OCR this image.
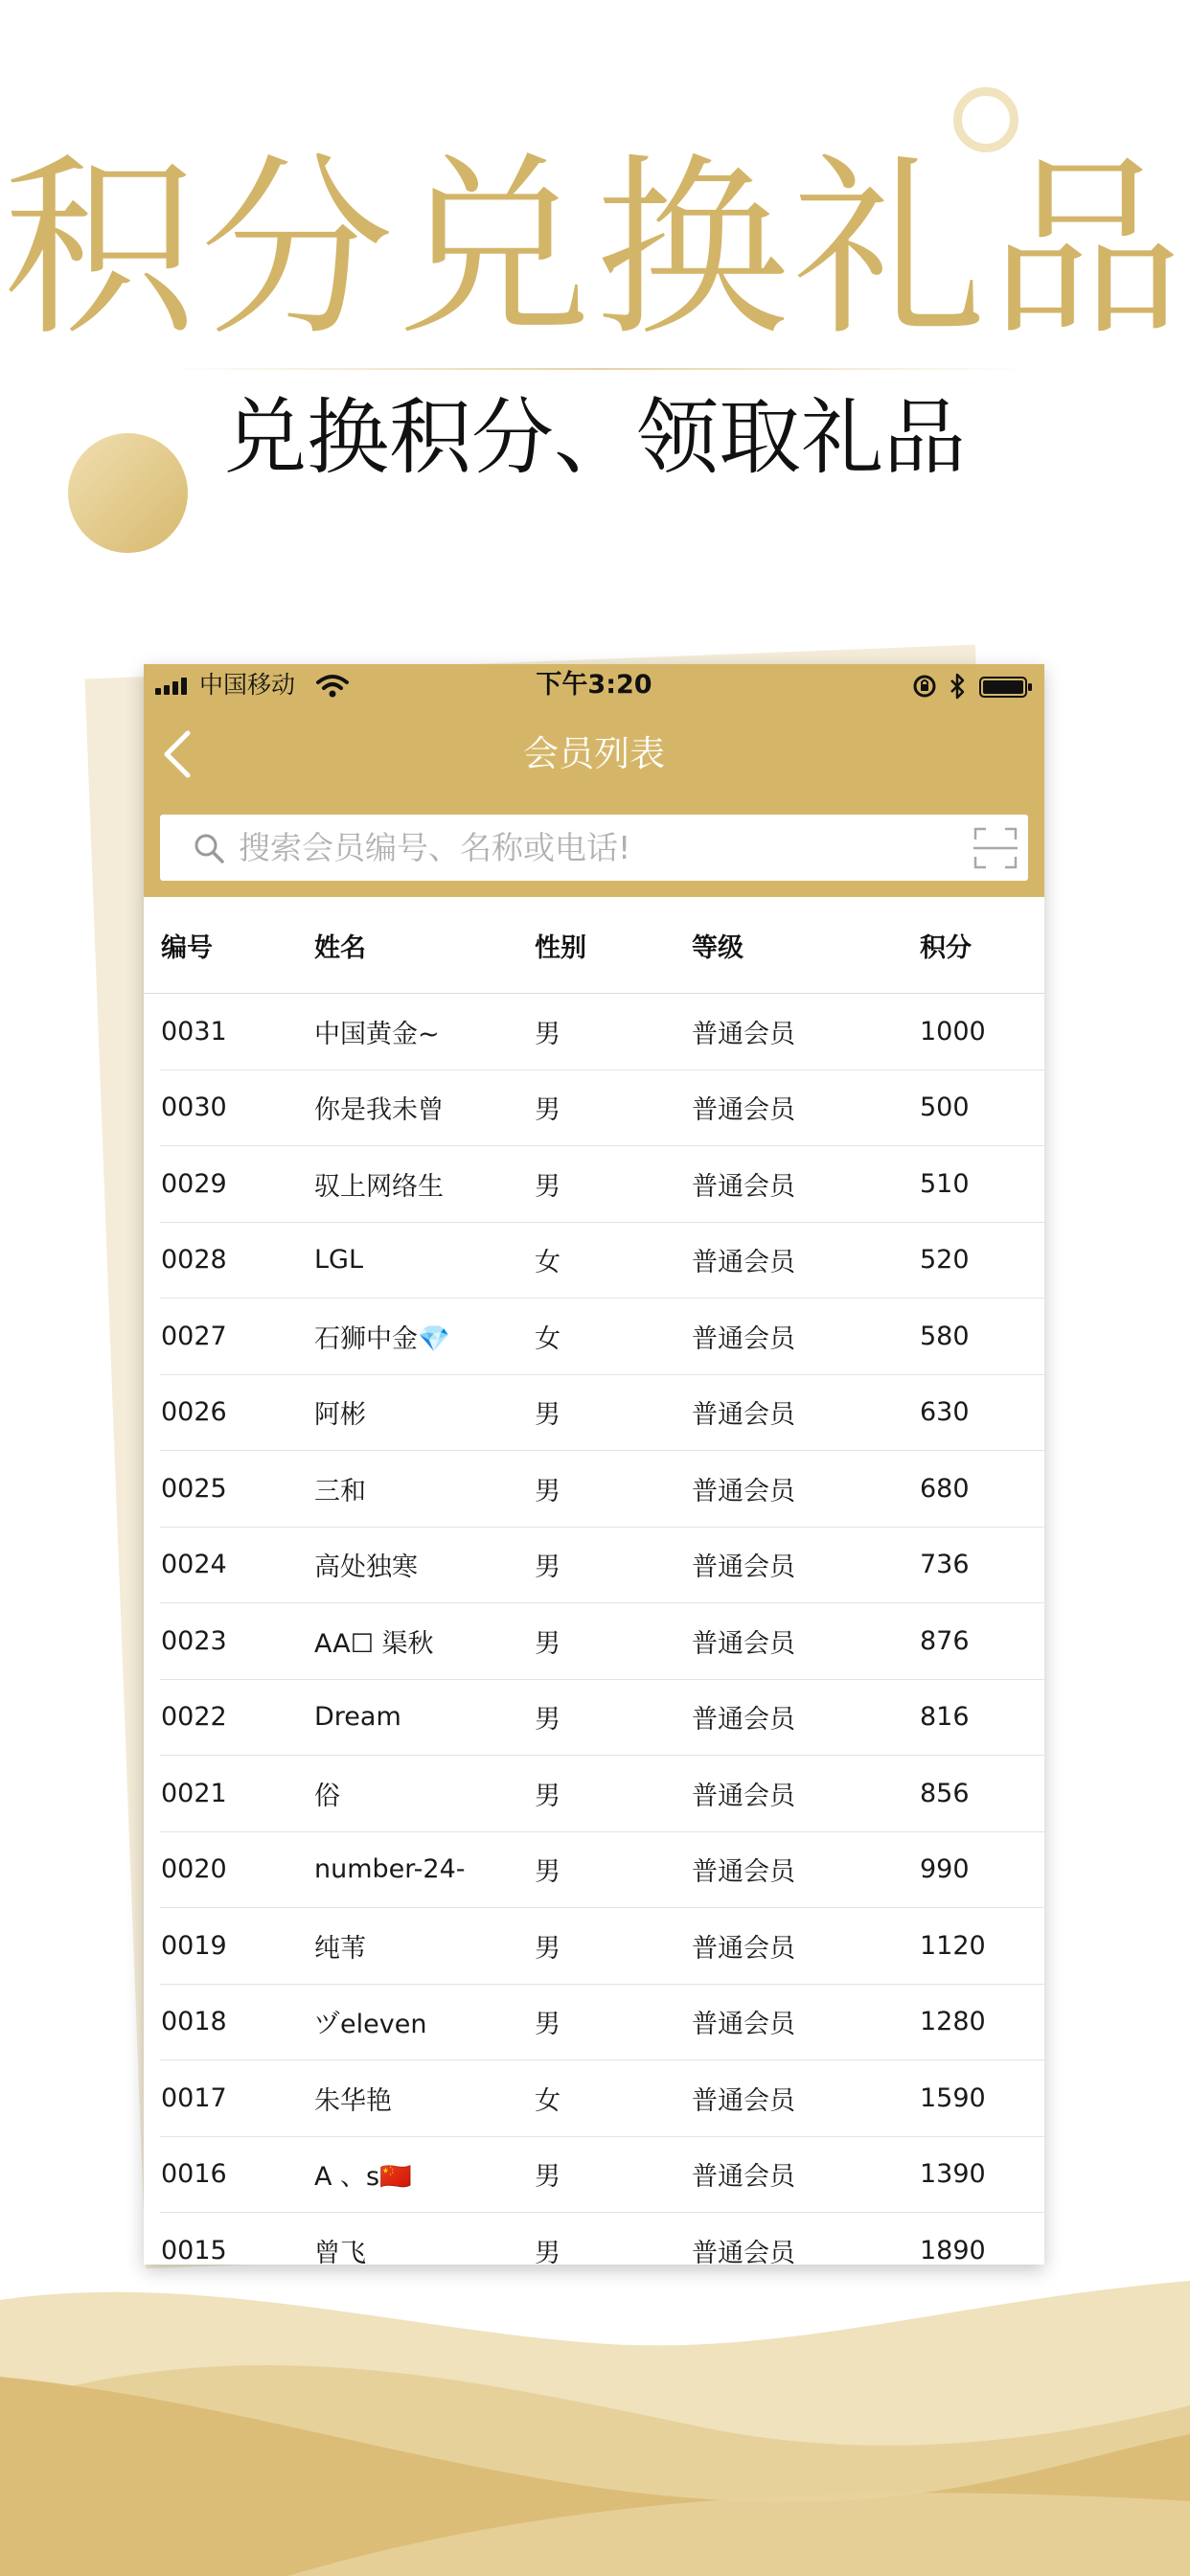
积分兑换礼品
兑换积分、领取礼品
中国移动	下午3:20
会员列表
搜索会员编号、名称或电话!
编号	姓名	性别	等级	积分
0031	中国黄金~	男	普通会员	1000
0030	你是我未曾	男	普通会员	500
0029	驭上网络生	男	普通会员	510
0028	LGL	女	普通会员	520
0027	石狮中金💎	女	普通会员	580
0026	阿彬	男	普通会员	630
0025	三和	男	普通会员	680
0024	高处独寒	男	普通会员	736
0023	AA☐ 渠秋	男	普通会员	876
0022	Dream	男	普通会员	816
0021	俗	男	普通会员	856
0020	number-24-	男	普通会员	990
0019	纯苇	男	普通会员	1120
0018	ヅeleven	男	普通会员	1280
0017	朱华艳	女	普通会员	1590
0016	A 、s🇨🇳	男	普通会员	1390
0015	曾飞	男	普通会员	1890
